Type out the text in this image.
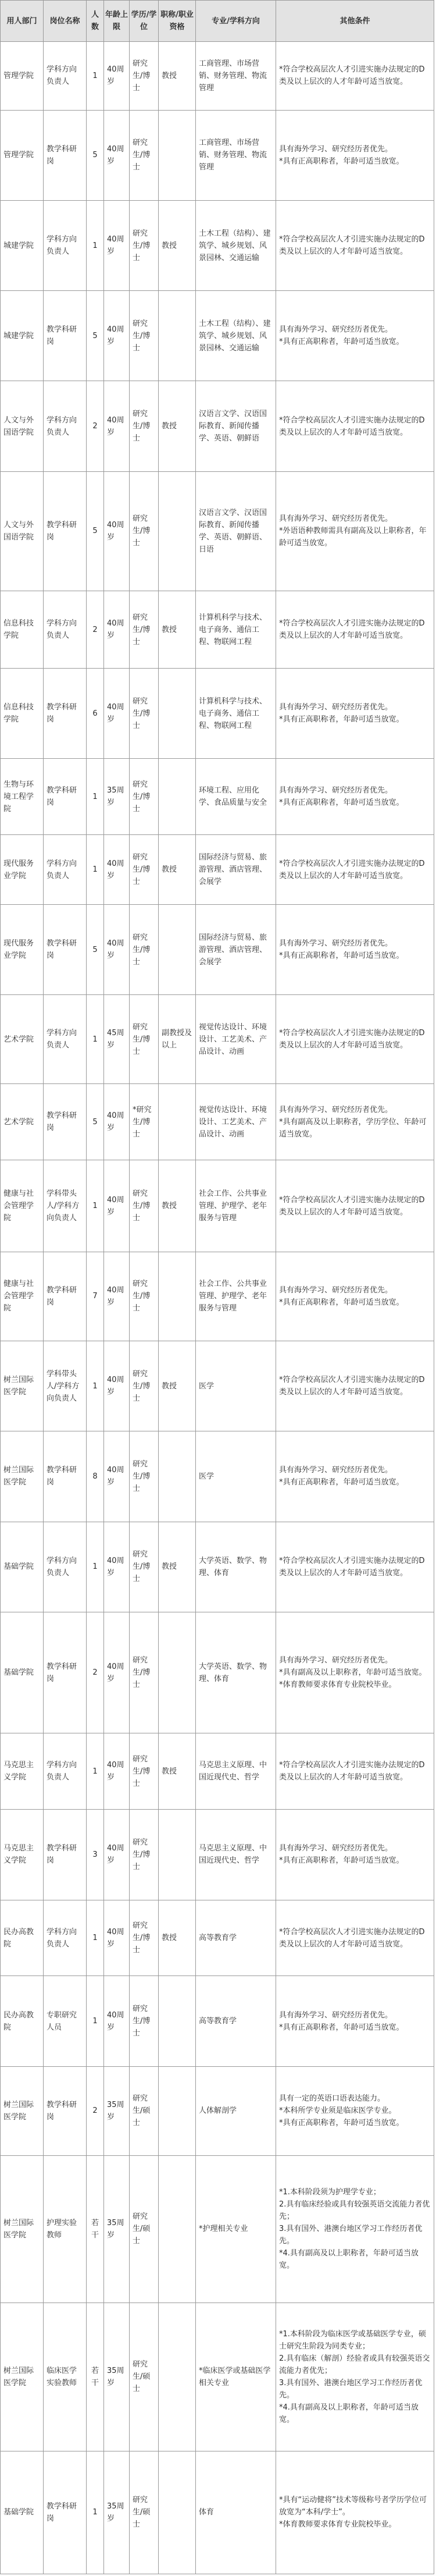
用人部门	岗位名称	人数	年龄上限	学历/学位	职称/职业资格	专业/学科方向	其他条件
管理学院	学科方向负责人	1	40周岁	研究生/博士	教授	工商管理、市场营销、财务管理、物流管理	*符合学校高层次人才引进实施办法规定的D类及以上层次的人才年龄可适当放宽。

管理学院	教学科研岗	5	40周岁	研究生/博士		工商管理、市场营销、财务管理、物流管理	具有海外学习、研究经历者优先。
*具有正高职称者，年龄可适当放宽。

城建学院	学科方向负责人	1	40周岁	研究生/博士	教授	土木工程（结构）、建筑学、城乡规划、风景园林、交通运输	*符合学校高层次人才引进实施办法规定的D类及以上层次的人才年龄可适当放宽。

城建学院	教学科研岗	5	40周岁	研究生/博士		土木工程（结构）、建筑学、城乡规划、风景园林、交通运输	具有海外学习、研究经历者优先。
*具有正高职称者，年龄可适当放宽。

人文与外国语学院	学科方向负责人	2	40周岁	研究生/博士	教授	汉语言文学、汉语国际教育、新闻传播学、英语、朝鲜语	*符合学校高层次人才引进实施办法规定的D类及以上层次的人才年龄可适当放宽。

人文与外国语学院	教学科研岗	5	40周岁	研究生/博士		汉语言文学、汉语国际教育、新闻传播学、英语、朝鲜语、日语	具有海外学习、研究经历者优先。
*外语语种教师需具有副高及以上职称者，年龄可适当放宽。

信息科技学院	学科方向负责人	2	40周岁	研究生/博士	教授	计算机科学与技术、电子商务、通信工程、物联网工程	*符合学校高层次人才引进实施办法规定的D类及以上层次的人才年龄可适当放宽。

信息科技学院	教学科研岗	6	40周岁	研究生/博士		计算机科学与技术、电子商务、通信工程、物联网工程	具有海外学习、研究经历者优先。
*具有正高职称者，年龄可适当放宽。

生物与环境工程学院	教学科研岗	1	35周岁	研究生/博士		环境工程、应用化学、食品质量与安全	具有海外学习、研究经历者优先。
*具有正高职称者，年龄可适当放宽。

现代服务业学院	学科方向负责人	1	40周岁	研究生/博士	教授	国际经济与贸易、旅游管理、酒店管理、会展学	*符合学校高层次人才引进实施办法规定的D类及以上层次的人才年龄可适当放宽。

现代服务业学院	教学科研岗	5	40周岁	研究生/博士		国际经济与贸易、旅游管理、酒店管理、会展学	具有海外学习、研究经历者优先。
*具有正高职称者，年龄可适当放宽。

艺术学院	学科方向负责人	1	45周岁	研究生/博士	副教授及以上	视觉传达设计、环境设计、工艺美术、产品设计、动画	*符合学校高层次人才引进实施办法规定的D类及以上层次的人才年龄可适当放宽。

艺术学院	教学科研岗	5	40周岁	*研究生/博士		视觉传达设计、环境设计、工艺美术、产品设计、动画	具有海外学习、研究经历者优先。
*具有副高及以上职称者，学历学位、年龄可适当放宽。

健康与社会管理学院	学科带头人/学科方向负责人	1	40周岁	研究生/博士	教授	社会工作、公共事业管理、护理学、老年服务与管理	*符合学校高层次人才引进实施办法规定的D类及以上层次的人才年龄可适当放宽。

健康与社会管理学院	教学科研岗	7	40周岁	研究生/博士		社会工作、公共事业管理、护理学、老年服务与管理	具有海外学习、研究经历者优先。
*具有正高职称者，年龄可适当放宽。

树兰国际医学院	学科带头人/学科方向负责人	1	40周岁	研究生/博士	教授	医学	*符合学校高层次人才引进实施办法规定的D类及以上层次的人才年龄可适当放宽。

树兰国际医学院	教学科研岗	8	40周岁	研究生/博士		医学	具有海外学习、研究经历者优先。
*具有正高职称者，年龄可适当放宽。

基础学院	学科方向负责人	1	40周岁	研究生/博士	教授	大学英语、数学、物理、体育	*符合学校高层次人才引进实施办法规定的D类及以上层次的人才年龄可适当放宽。

基础学院	教学科研岗	2	40周岁	研究生/博士		大学英语、数学、物理、体育	具有海外学习、研究经历者优先。
*具有副高及以上职称者，年龄可适当放宽。
*体育教师要求体育专业院校毕业。

马克思主义学院	学科方向负责人	1	40周岁	研究生/博士	教授	马克思主义原理、中国近现代史、哲学	*符合学校高层次人才引进实施办法规定的D类及以上层次的人才年龄可适当放宽。

马克思主义学院	教学科研岗	3	40周岁	研究生/博士		马克思主义原理、中国近现代史、哲学	具有海外学习、研究经历者优先。
*具有正高职称者，年龄可适当放宽。

民办高教院	学科方向负责人	1	40周岁	研究生/博士	教授	高等教育学	*符合学校高层次人才引进实施办法规定的D类及以上层次的人才年龄可适当放宽。

民办高教院	专职研究人员	1	40周岁	研究生/博士		高等教育学	具有海外学习、研究经历者优先。
*具有正高职称者，年龄可适当放宽。

树兰国际医学院	教学科研岗	2	35周岁	研究生/硕士		人体解剖学	具有一定的英语口语表达能力。
*本科所学专业须是临床医学专业。
*具有正高职称者，年龄可适当放宽。

树兰国际医学院	护理实验教师	若干	35周岁	研究生/硕士		*护理相关专业	*1.本科阶段须为护理学专业；
2.具有临床经验或具有较强英语交流能力者优先；
3.具有国外、港澳台地区学习工作经历者优先。
*4.具有副高及以上职称者，年龄可适当放宽。

树兰国际医学院	临床医学实验教师	若干	35周岁	研究生/硕士		*临床医学或基础医学相关专业	*1.本科阶段为临床医学或基础医学专业，硕士研究生阶段为同类专业；
2.具有临床（解剖）经验者或具有较强英语交流能力者优先；
3.具有国外、港澳台地区学习工作经历者优先。
*4.具有副高及以上职称者，年龄可适当放宽。

基础学院	教学科研岗	1	35周岁	研究生/硕士		体育	*具有“运动健将”技术等级称号者学历学位可放宽为“本科/学士”。
*体育教师要求体育专业院校毕业。
